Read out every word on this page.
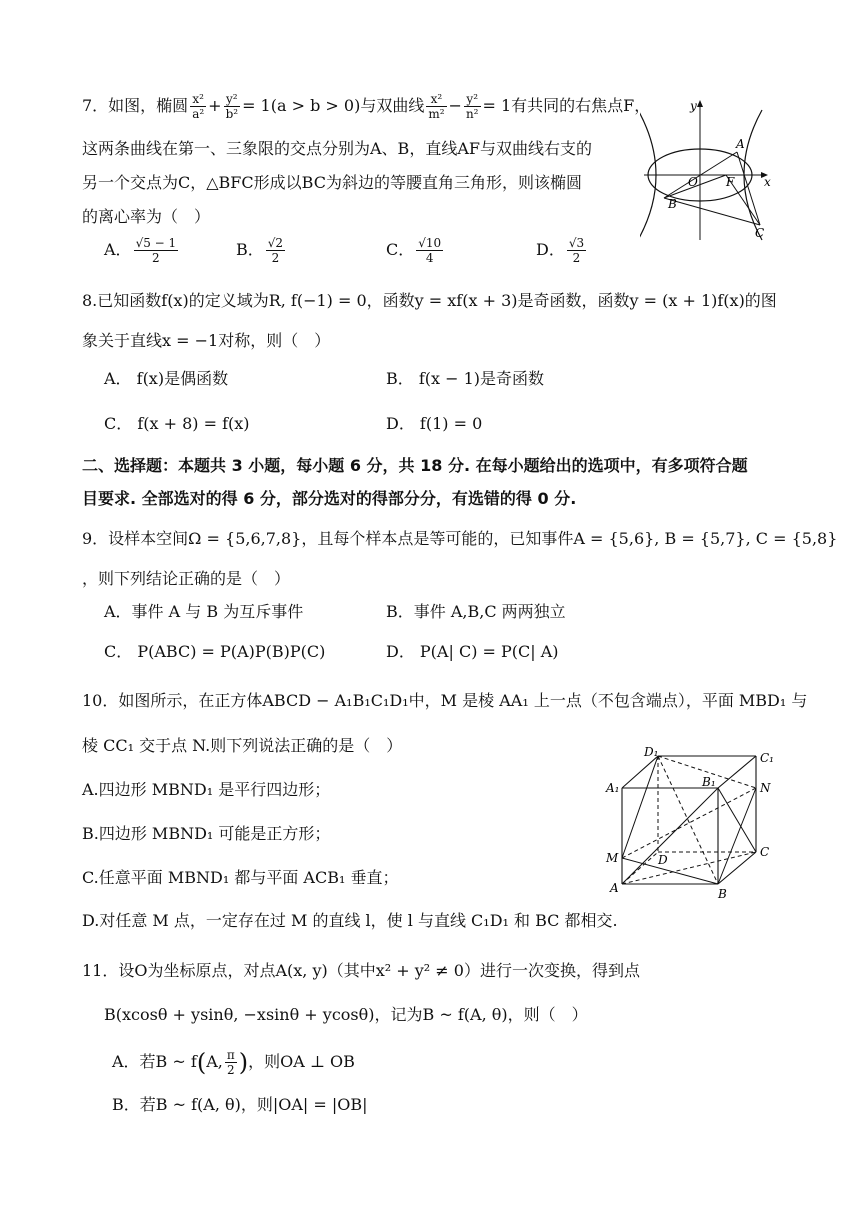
7．如图，椭圆 $\frac{\text{x²}}{\text{a²}} + \frac{\text{y²}}{\text{b²}} = 1(a > b > 0)$与双曲线 $\frac{\text{x²}}{\text{m²}} - \frac{\text{y²}}{\text{n²}} = 1$有共同的右焦点F，
这两条曲线在第一、三象限的交点分别为A、B，直线AF与双曲线右支的
另一个交点为C，△BFC形成以BC为斜边的等腰直角三角形，则该椭圆
的离心率为（　）
A． $\frac{√5 - 1}{2}$	B． $\frac{√2}{2}$	C． $\frac{√10}{4}$	D． $\frac{√3}{2}$
y
x
O F
A
B
C
8.已知函数f(x)的定义域为R, f(−1) = 0，函数y = xf(x + 3)是奇函数，函数y = (x + 1)f(x)的图
象关于直线x = −1对称，则（　）
A． f(x)是偶函数	B． f(x − 1)是奇函数
C． f(x + 8) = f(x)	D． f(1) = 0
二、选择题：本题共 3 小题，每小题 6 分，共 18 分. 在每小题给出的选项中，有多项符合题
目要求. 全部选对的得 6 分，部分选对的得部分分，有选错的得 0 分.
9．设样本空间Ω = {5,6,7,8}，且每个样本点是等可能的，已知事件A = {5,6}, B = {5,7}, C = {5,8}
，则下列结论正确的是（　）
A．事件 A 与 B 为互斥事件	B．事件 A,B,C 两两独立
C． P(ABC) = P(A)P(B)P(C)	D． P(A| C) = P(C| A)
10．如图所示，在正方体ABCD − A₁B₁C₁D₁中，M 是棱 AA₁ 上一点（不包含端点），平面 MBD₁ 与
棱 CC₁ 交于点 N.则下列说法正确的是（　）
A.四边形 MBND₁ 是平行四边形；
B.四边形 MBND₁ 可能是正方形；
C.任意平面 MBND₁ 都与平面 ACB₁ 垂直；
D.对任意 M 点，一定存在过 M 的直线 l，使 l 与直线 C₁D₁ 和 BC 都相交.
D₁	C₁
A₁	B₁	N
M	D
C
A	B
11．设O为坐标原点，对点A(x, y)（其中x² + y² ≠ 0）进行一次变换，得到点
B(xcosθ + ysinθ, −xsinθ + ycosθ)，记为B ~ f(A, θ)，则（　）
A．若B ~ f(A, $\frac{\pi}{2}$ )，则OA ⊥ OB
B．若B ~ f(A, θ)，则|OA| = |OB|
